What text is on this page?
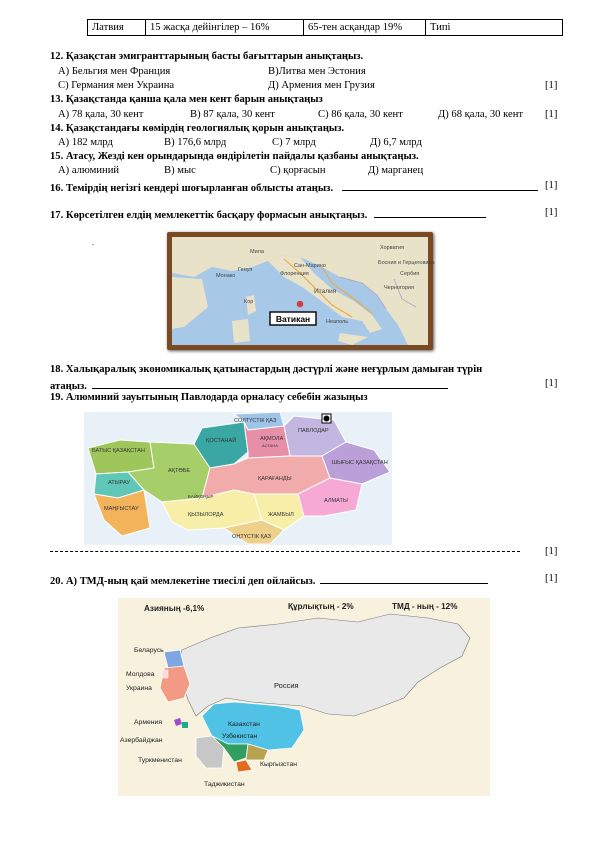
Латвия	15 жасқа дейінгілер – 16%	65-тен асқандар 19%	Типі
12. Қазақстан эмигранттарының басты бағыттарын анықтаңыз.
А) Бельгия мен Франция	В)Литва мен Эстония
С) Германия мен Украина	Д) Армения мен Грузия	[1]
13. Қазақстанда қанша қала мен кент барын анықтаңыз
А) 78 қала, 30 кент	В) 87 қала, 30 кент	С) 86 қала, 30 кент	Д) 68 қала, 30 кент [1]
14. Қазақстандағы көмірдің геологиялық қорын анықтаңыз.
А) 182 млрд	В) 176,6 млрд	С) 7 млрд	Д) 6,7 млрд
15. Атасу, Жезді кен орындарында өндірілетін пайдалы қазбаны анықтаңыз.
А) алюминий	В) мыс	С) қорғасын	Д) марганец
16. Темірдің негізгі кендері шоғырланған облысты атаңыз.	[1]
17. Көрсетілген елдің мемлекеттік басқару формасын анықтаңыз.	[1]
.
Хорватия
Босния и Герцеговина
Сербия
Черногория
Италия
Мила
Генуя
Монако
Сан-Марино
Флоренция
Кор
Неаполь
Ватикан
18. Халықаралық экономикалық қатынастардың дәстүрлі және неғұрлым дамыған түрін
атаңыз.	[1]
19. Алюминий зауытының Павлодарда орналасу себебін жазыңыз
СОЛТҮСТІК ҚАЗ
ПАВЛОДАР
ҚОСТАНАЙ	АҚМОЛА
АСТАНА
БАТЫС ҚАЗАҚСТАН
АТЫРАУ
АҚТӨБЕ
ҚАРАҒАНДЫ
ШЫҒЫС ҚАЗАҚСТАН
МАҢҒЫСТАУ
ҚЫЗЫЛОРДА
БАЙҚОҢЫР
ЖАМБЫЛ
АЛМАТЫ
ОҢТҮСТІК ҚАЗ
[1]
20. А) ТМД-ның қай мемлекетіне тиесілі деп ойлайсыз.	[1]
Азияның -6,1%	Құрлықтың - 2%	ТМД - ның - 12%
Беларусь
Молдова
Украина	Россия
Армения
Азербайджан
Казахстан
Узбекистан
Туркменистан
Кыргызстан
Таджикистан
